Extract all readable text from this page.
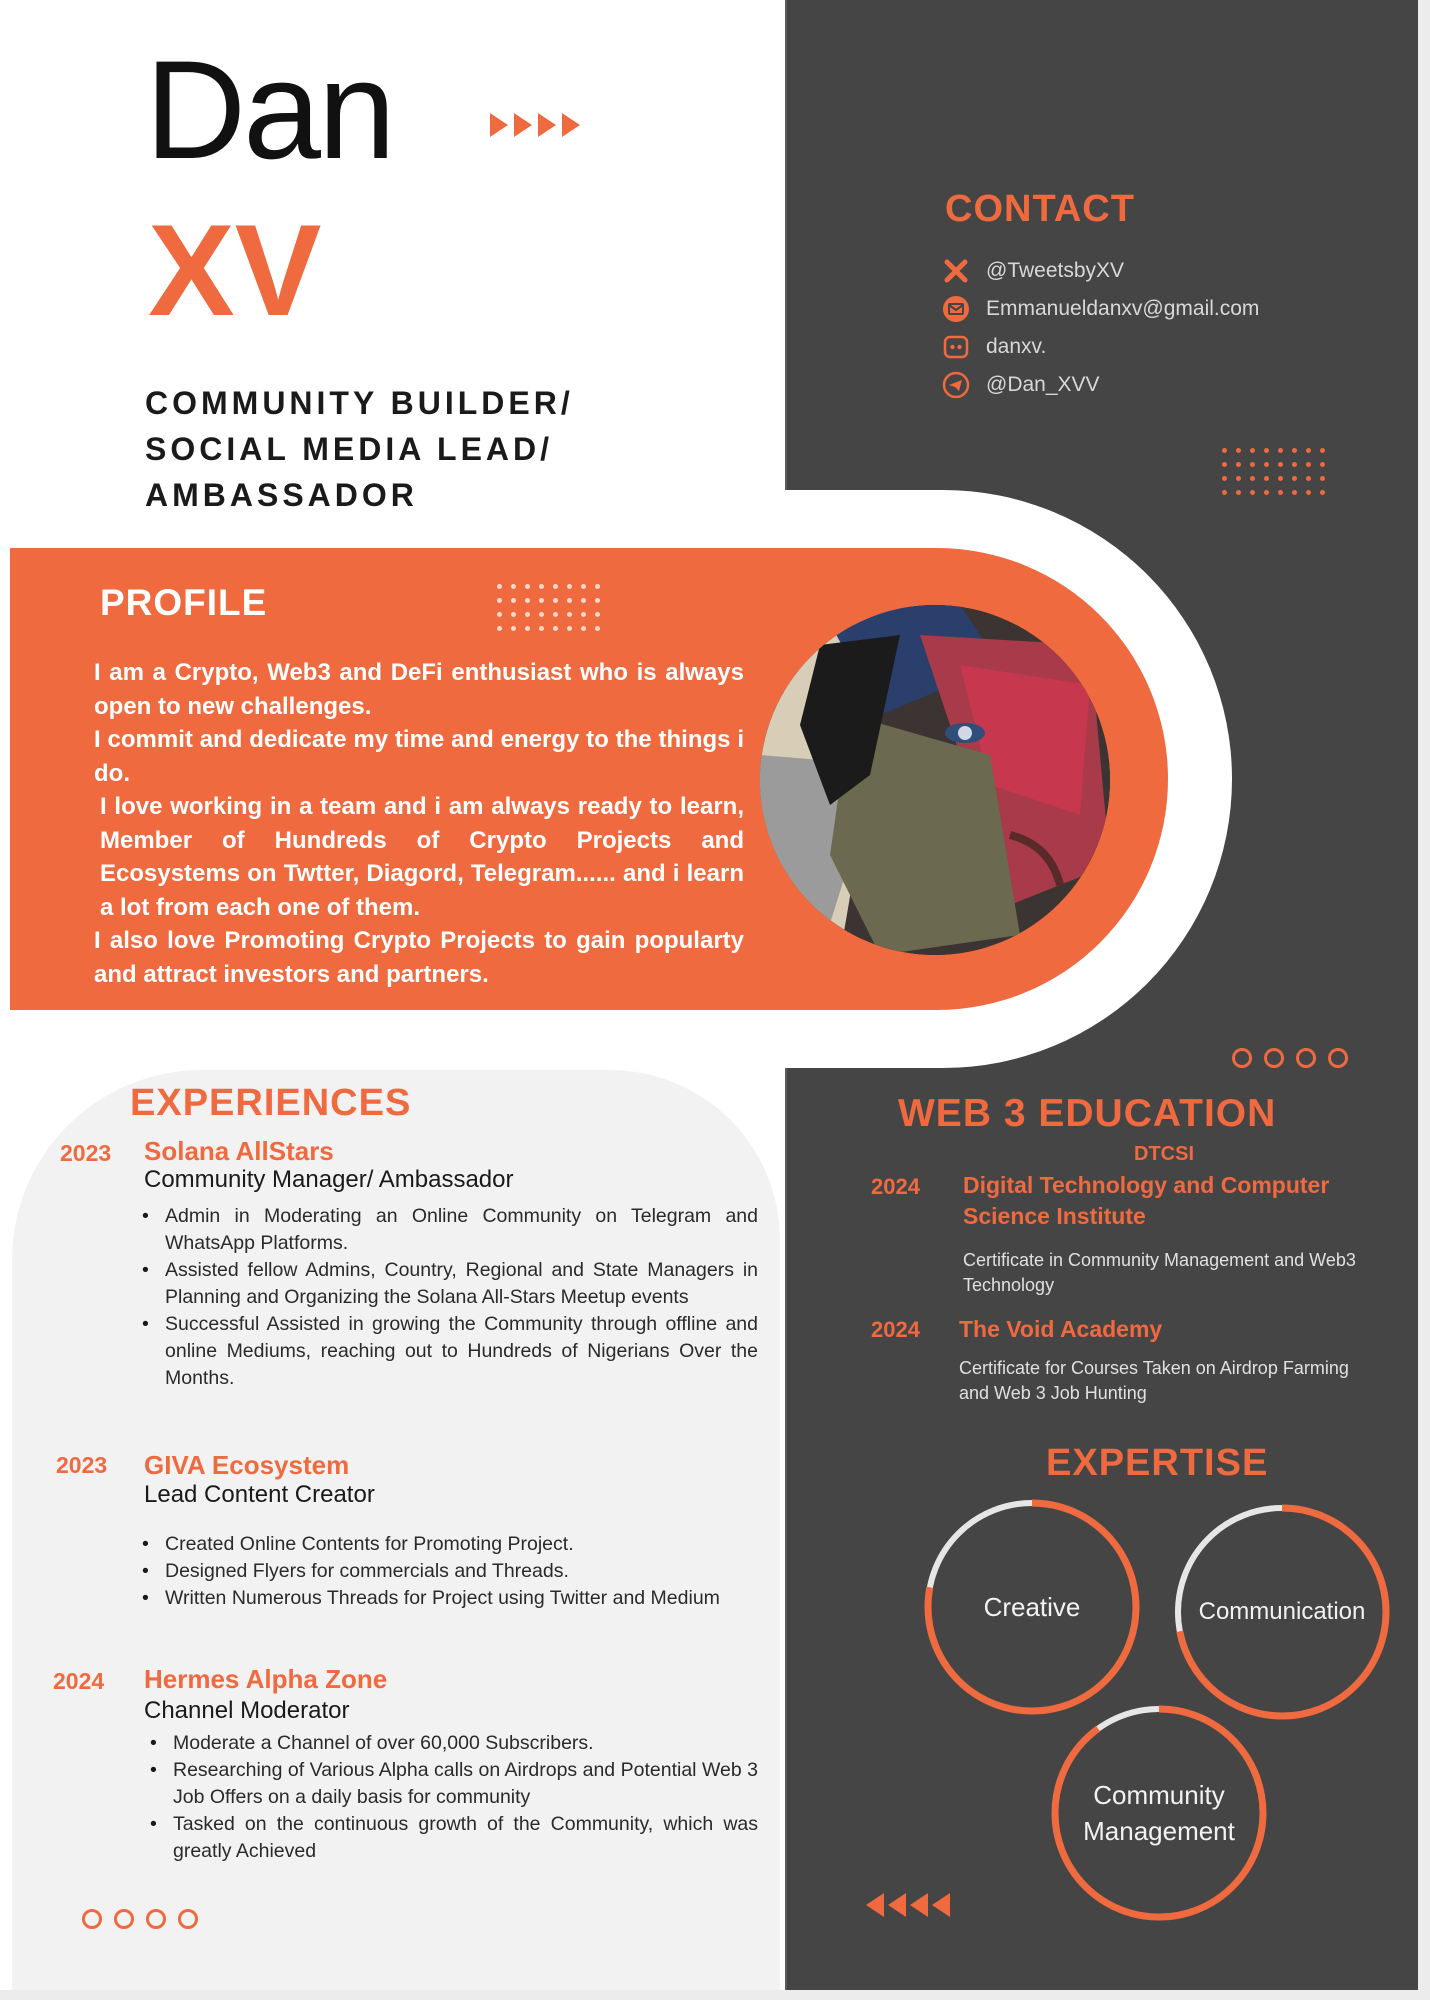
Dan
XV
COMMUNITY BUILDER/
SOCIAL MEDIA LEAD/
AMBASSADOR
CONTACT
@TweetsbyXV
Emmanueldanxv@gmail.com
danxv.
@Dan_XVV
PROFILE

I am a Crypto, Web3 and DeFi enthusiast who is always open to new challenges.

I commit and dedicate my time and energy to the things i do.

I love working in a team and i am always ready to learn, Member of Hundreds of Crypto Projects and Ecosystems on Twtter, Diagord, Telegram...... and i learn a lot from each one of them.

I also love Promoting Crypto Projects to gain popularty and attract investors and partners.

EXPERIENCES
2023 Solana AllStars
Community Manager/ Ambassador
• Admin in Moderating an Online Community on Telegram and WhatsApp Platforms.
• Assisted fellow Admins, Country, Regional and State Managers in Planning and Organizing the Solana All-Stars Meetup events
• Successful Assisted in growing the Community through offline and online Mediums, reaching out to Hundreds of Nigerians Over the Months.
2023 GIVA Ecosystem
Lead Content Creator
• Created Online Contents for Promoting Project.
• Designed Flyers for commercials and Threads.
• Written Numerous Threads for Project using Twitter and Medium
2024 Hermes Alpha Zone
Channel Moderator
• Moderate a Channel of over 60,000 Subscribers.
• Researching of Various Alpha calls on Airdrops and Potential Web 3 Job Offers on a daily basis for community
• Tasked on the continuous growth of the Community, which was greatly Achieved
WEB 3 EDUCATION
DTCSI
2024 Digital Technology and Computer Science Institute
Certificate in Community Management and Web3 Technology
2024 The Void Academy
Certificate for Courses Taken on Airdrop Farming and Web 3 Job Hunting
EXPERTISE
Creative	Communication
Community Management
